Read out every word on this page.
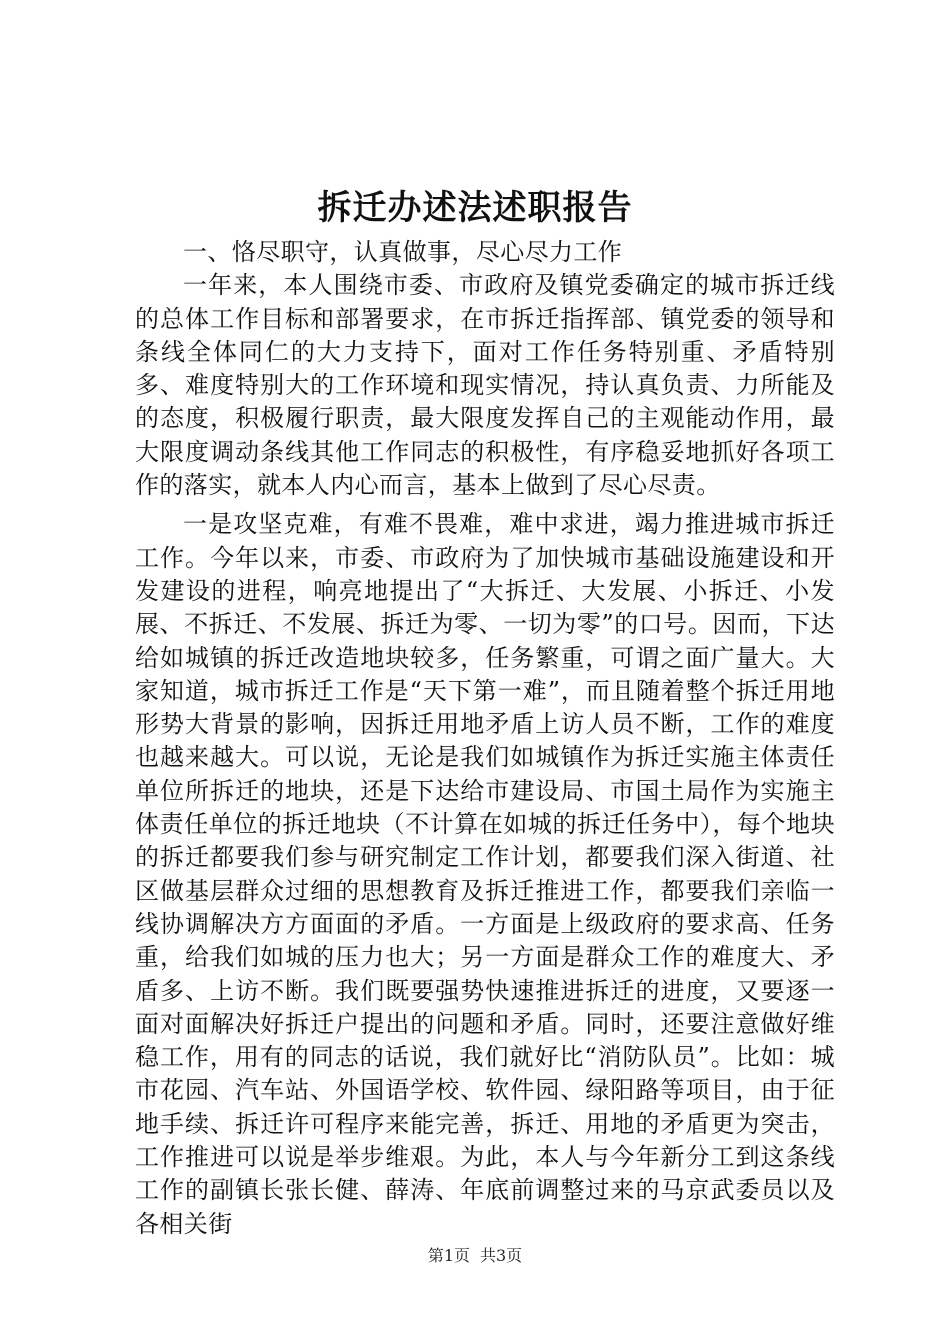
拆迁办述法述职报告

一、恪尽职守，认真做事，尽心尽力工作

一年来，本人围绕市委、市政府及镇党委确定的城市拆迁线的总体工作目标和部署要求，在市拆迁指挥部、镇党委的领导和条线全体同仁的大力支持下，面对工作任务特别重、矛盾特别多、难度特别大的工作环境和现实情况，持认真负责、力所能及的态度，积极履行职责，最大限度发挥自己的主观能动作用，最大限度调动条线其他工作同志的积极性，有序稳妥地抓好各项工作的落实，就本人内心而言，基本上做到了尽心尽责。

一是攻坚克难，有难不畏难，难中求进，竭力推进城市拆迁工作。今年以来，市委、市政府为了加快城市基础设施建设和开发建设的进程，响亮地提出了“大拆迁、大发展、小拆迁、小发展、不拆迁、不发展、拆迁为零、一切为零”的口号。因而，下达给如城镇的拆迁改造地块较多，任务繁重，可谓之面广量大。大家知道，城市拆迁工作是“天下第一难”，而且随着整个拆迁用地形势大背景的影响，因拆迁用地矛盾上访人员不断，工作的难度也越来越大。可以说，无论是我们如城镇作为拆迁实施主体责任单位所拆迁的地块，还是下达给市建设局、市国土局作为实施主体责任单位的拆迁地块（不计算在如城的拆迁任务中），每个地块的拆迁都要我们参与研究制定工作计划，都要我们深入街道、社区做基层群众过细的思想教育及拆迁推进工作，都要我们亲临一线协调解决方方面面的矛盾。一方面是上级政府的要求高、任务重，给我们如城的压力也大；另一方面是群众工作的难度大、矛盾多、上访不断。我们既要强势快速推进拆迁的进度，又要逐一面对面解决好拆迁户提出的问题和矛盾。同时，还要注意做好维稳工作，用有的同志的话说，我们就好比“消防队员”。比如：城市花园、汽车站、外国语学校、软件园、绿阳路等项目，由于征地手续、拆迁许可程序来能完善，拆迁、用地的矛盾更为突击，工作推进可以说是举步维艰。为此，本人与今年新分工到这条线工作的副镇长张长健、薛涛、年底前调整过来的马京武委员以及各相关街

第1页 共3页
